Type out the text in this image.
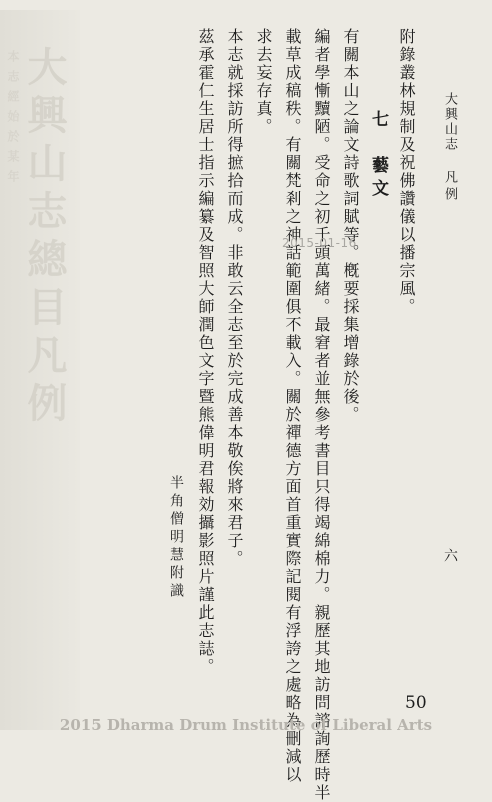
大興山志總目凡例
本志經始於某年	大興山志
凡例
六

附錄叢林規制及祝佛讚儀以播宗風。

七　藝文

有關本山之論文詩歌詞賦等。槪要採集增錄於後。

編者學慚黷陋。受命之初千頭萬緒。最窘者並無參考書目只得竭綿棉力。親歷其地訪問諮詢歷時半

載草成稿秩。有關梵剎之神話範圍俱不載入。關於禪德方面首重實際記閱有浮誇之處略為刪減以

求去妄存真。

本志就採訪所得摭拾而成。非敢云全志至於完成善本敬俟將來君子。

茲承霍仁生居士指示編纂及智照大師潤色文字暨熊偉明君報効攝影照片謹此志誌。

半角僧明慧附識
2015-01-16
50
2015 Dharma Drum Institute of Liberal Arts
